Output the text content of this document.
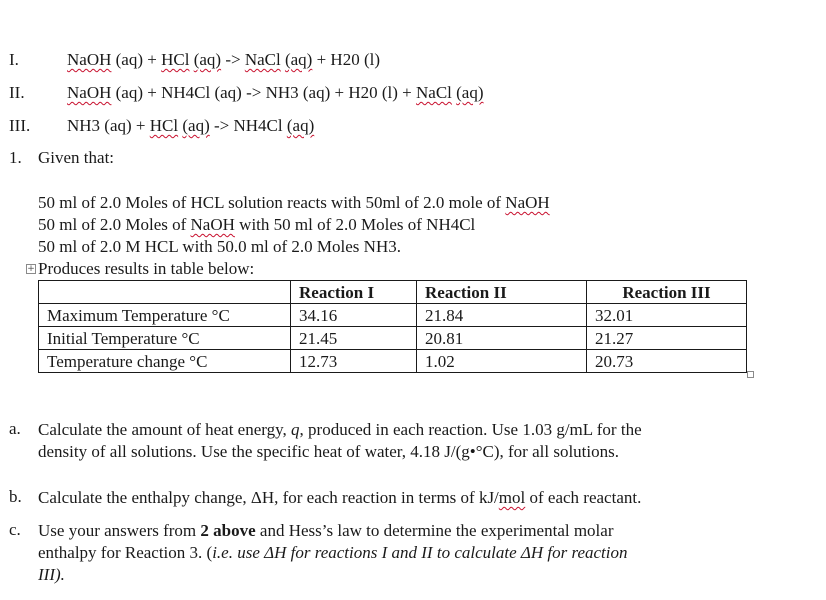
I.	NaOH (aq) + HCl (aq) -> NaCl (aq) + H20 (l)
II. NaOH (aq) + NH4Cl (aq) -> NH3 (aq) + H20 (l) + NaCl (aq)
III. NH3 (aq) + HCl (aq) -> NH4Cl (aq)
1. Given that:
50 ml of 2.0 Moles of HCL solution reacts with 50ml of 2.0 mole of NaOH
50 ml of 2.0 Moles of NaOH with 50 ml of 2.0 Moles of NH4Cl
50 ml of 2.0 M HCL with 50.0 ml of 2.0 Moles NH3.
Produces results in table below:
+
	Reaction I	Reaction II	Reaction III
Maximum Temperature °C	34.16	21.84	32.01
Initial Temperature °C	21.45	20.81	21.27
Temperature change °C	12.73	1.02	20.73
a. Calculate the amount of heat energy, q, produced in each reaction. Use 1.03 g/mL for the
density of all solutions. Use the specific heat of water, 4.18 J/(g•°C), for all solutions.
b. Calculate the enthalpy change, ΔH, for each reaction in terms of kJ/mol of each reactant.
c. Use your answers from 2 above and Hess’s law to determine the experimental molar
enthalpy for Reaction 3. (i.e. use ΔH for reactions I and II to calculate ΔH for reaction
III).
